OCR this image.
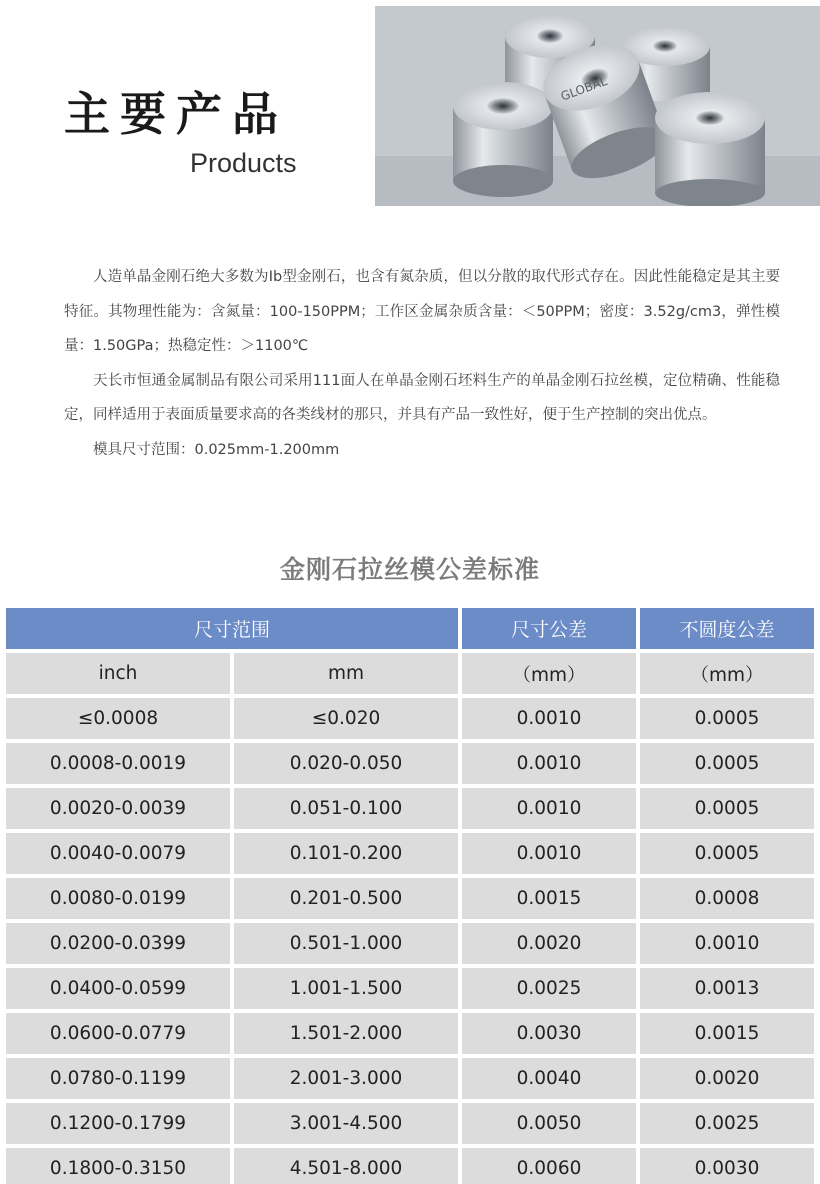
主要产品
Products
GLOBAL

人造单晶金刚石绝大多数为Ib型金刚石，也含有氮杂质，但以分散的取代形式存在。因此性能稳定是其主要特征。其物理性能为：含氮量：100-150PPM；工作区金属杂质含量：＜50PPM；密度：3.52g/cm3，弹性模量：1.50GPa；热稳定性：＞1100℃

天长市恒通金属制品有限公司采用111面人在单晶金刚石坯料生产的单晶金刚石拉丝模，定位精确、性能稳定，同样适用于表面质量要求高的各类线材的那只，并具有产品一致性好，便于生产控制的突出优点。

模具尺寸范围：0.025mm-1.200mm

金刚石拉丝模公差标准
尺寸范围	尺寸公差	不圆度公差
inch	mm	（mm）	（mm）
≤0.0008	≤0.020	0.0010	0.0005
0.0008-0.0019	0.020-0.050	0.0010	0.0005
0.0020-0.0039	0.051-0.100	0.0010	0.0005
0.0040-0.0079	0.101-0.200	0.0010	0.0005
0.0080-0.0199	0.201-0.500	0.0015	0.0008
0.0200-0.0399	0.501-1.000	0.0020	0.0010
0.0400-0.0599	1.001-1.500	0.0025	0.0013
0.0600-0.0779	1.501-2.000	0.0030	0.0015
0.0780-0.1199	2.001-3.000	0.0040	0.0020
0.1200-0.1799	3.001-4.500	0.0050	0.0025
0.1800-0.3150	4.501-8.000	0.0060	0.0030
